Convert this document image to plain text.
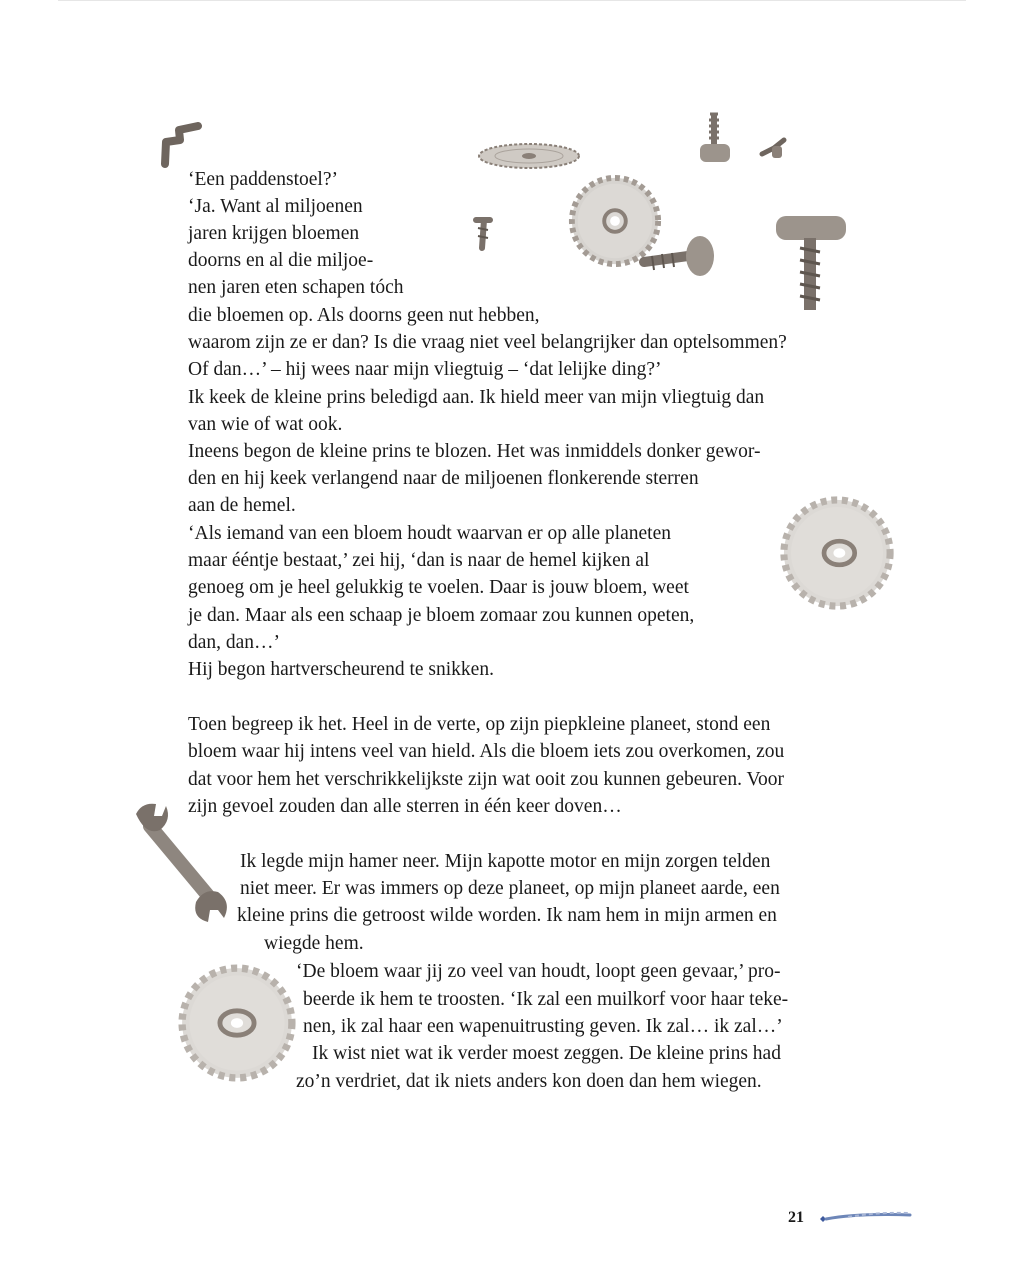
‘Een paddenstoel?’

‘Ja. Want al miljoenen

jaren krijgen bloemen

doorns en al die miljoe-

nen jaren eten schapen tóch

die bloemen op. Als doorns geen nut hebben,

waarom zijn ze er dan? Is die vraag niet veel belangrijker dan optelsommen?

Of dan…’ – hij wees naar mijn vliegtuig – ‘dat lelijke ding?’

Ik keek de kleine prins beledigd aan. Ik hield meer van mijn vliegtuig dan

van wie of wat ook.

Ineens begon de kleine prins te blozen. Het was inmiddels donker gewor-

den en hij keek verlangend naar de miljoenen flonkerende sterren

aan de hemel.

‘Als iemand van een bloem houdt waarvan er op alle planeten

maar ééntje bestaat,’ zei hij, ‘dan is naar de hemel kijken al

genoeg om je heel gelukkig te voelen. Daar is jouw bloem, weet

je dan. Maar als een schaap je bloem zomaar zou kunnen opeten,

dan, dan…’

Hij begon hartverscheurend te snikken.

Toen begreep ik het. Heel in de verte, op zijn piepkleine planeet, stond een

bloem waar hij intens veel van hield. Als die bloem iets zou overkomen, zou

dat voor hem het verschrikkelijkste zijn wat ooit zou kunnen gebeuren. Voor

zijn gevoel zouden dan alle sterren in één keer doven…

Ik legde mijn hamer neer. Mijn kapotte motor en mijn zorgen telden

niet meer. Er was immers op deze planeet, op mijn planeet aarde, een

kleine prins die getroost wilde worden. Ik nam hem in mijn armen en

wiegde hem.

‘De bloem waar jij zo veel van houdt, loopt geen gevaar,’ pro-

beerde ik hem te troosten. ‘Ik zal een muilkorf voor haar teke-

nen, ik zal haar een wapenuitrusting geven. Ik zal… ik zal…’

Ik wist niet wat ik verder moest zeggen. De kleine prins had

zo’n verdriet, dat ik niets anders kon doen dan hem wiegen.

21
